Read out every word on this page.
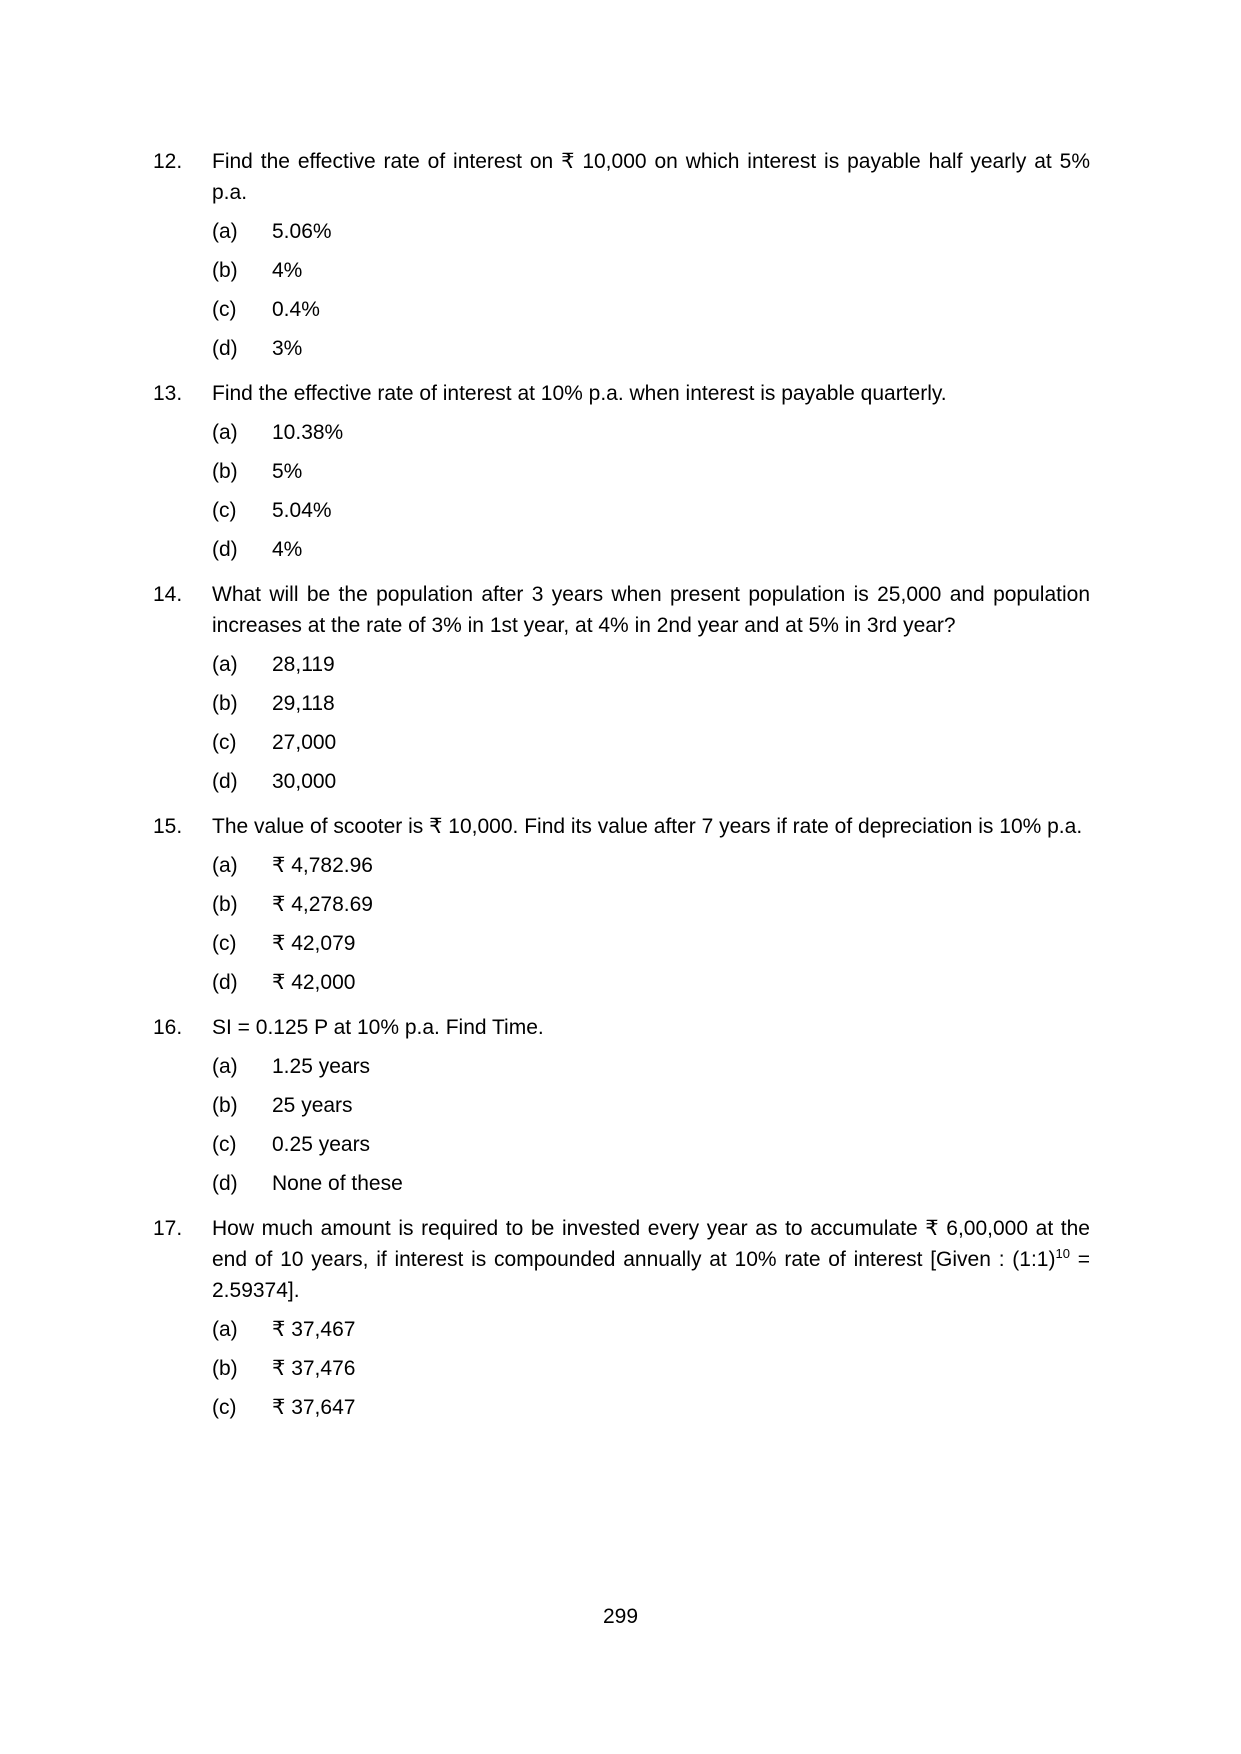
12.	Find the effective rate of interest on ₹ 10,000 on which interest is payable half yearly at 5% p.a.

(a)	5.06%
(b)	4%
(c)	0.4%
(d)	3%
13.	Find the effective rate of interest at 10% p.a. when interest is payable quarterly.

(a)	10.38%
(b)	5%
(c)	5.04%
(d)	4%
14.	What will be the population after 3 years when present population is 25,000 and population increases at the rate of 3% in 1st year, at 4% in 2nd year and at 5% in 3rd year?

(a)	28,119
(b)	29,118
(c)	27,000
(d)	30,000
15.	The value of scooter is ₹ 10,000. Find its value after 7 years if rate of depreciation is 10% p.a.

(a)	₹ 4,782.96
(b)	₹ 4,278.69
(c)	₹ 42,079
(d)	₹ 42,000
16.	SI = 0.125 P at 10% p.a. Find Time.

(a)	1.25 years
(b)	25 years
(c)	0.25 years
(d)	None of these
17.	How much amount is required to be invested every year as to accumulate ₹ 6,00,000 at the end of 10 years, if interest is compounded annually at 10% rate of interest [Given : (1:1)$^{10}$ = 2.59374].

(a)	₹ 37,467
(b)	₹ 37,476
(c)	₹ 37,647
299
